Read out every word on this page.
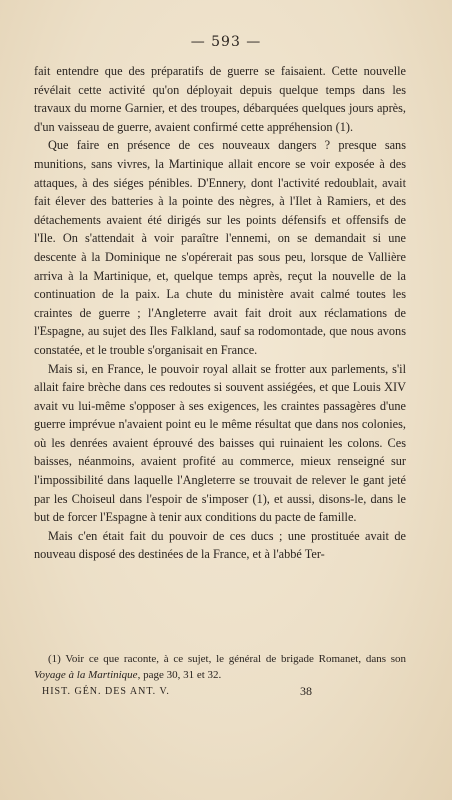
— 593 —

fait entendre que des préparatifs de guerre se faisaient. Cette nouvelle révélait cette activité qu'on déployait depuis quelque temps dans les travaux du morne Garnier, et des troupes, débarquées quelques jours après, d'un vaisseau de guerre, avaient confirmé cette appréhension (1).

Que faire en présence de ces nouveaux dangers ? presque sans munitions, sans vivres, la Martinique allait encore se voir exposée à des attaques, à des siéges pénibles. D'Ennery, dont l'activité redoublait, avait fait élever des batteries à la pointe des nègres, à l'Ilet à Ramiers, et des détachements avaient été dirigés sur les points défensifs et offensifs de l'Ile. On s'attendait à voir paraître l'ennemi, on se demandait si une descente à la Dominique ne s'opérerait pas sous peu, lorsque de Vallière arriva à la Martinique, et, quelque temps après, reçut la nouvelle de la continuation de la paix. La chute du ministère avait calmé toutes les craintes de guerre ; l'Angleterre avait fait droit aux réclamations de l'Espagne, au sujet des Iles Falkland, sauf sa rodomontade, que nous avons constatée, et le trouble s'organisait en France.

Mais si, en France, le pouvoir royal allait se frotter aux parlements, s'il allait faire brèche dans ces redoutes si souvent assiégées, et que Louis XIV avait vu lui-même s'opposer à ses exigences, les craintes passagères d'une guerre imprévue n'avaient point eu le même résultat que dans nos colonies, où les denrées avaient éprouvé des baisses qui ruinaient les colons. Ces baisses, néanmoins, avaient profité au commerce, mieux renseigné sur l'impossibilité dans laquelle l'Angleterre se trouvait de relever le gant jeté par les Choiseul dans l'espoir de s'imposer (1), et aussi, disons-le, dans le but de forcer l'Espagne à tenir aux conditions du pacte de famille.

Mais c'en était fait du pouvoir de ces ducs ; une prostituée avait de nouveau disposé des destinées de la France, et à l'abbé Ter-

(1) Voir ce que raconte, à ce sujet, le général de brigade Romanet, dans son Voyage à la Martinique, page 30, 31 et 32.
HIST. GÉN. DES ANT. V.	38
